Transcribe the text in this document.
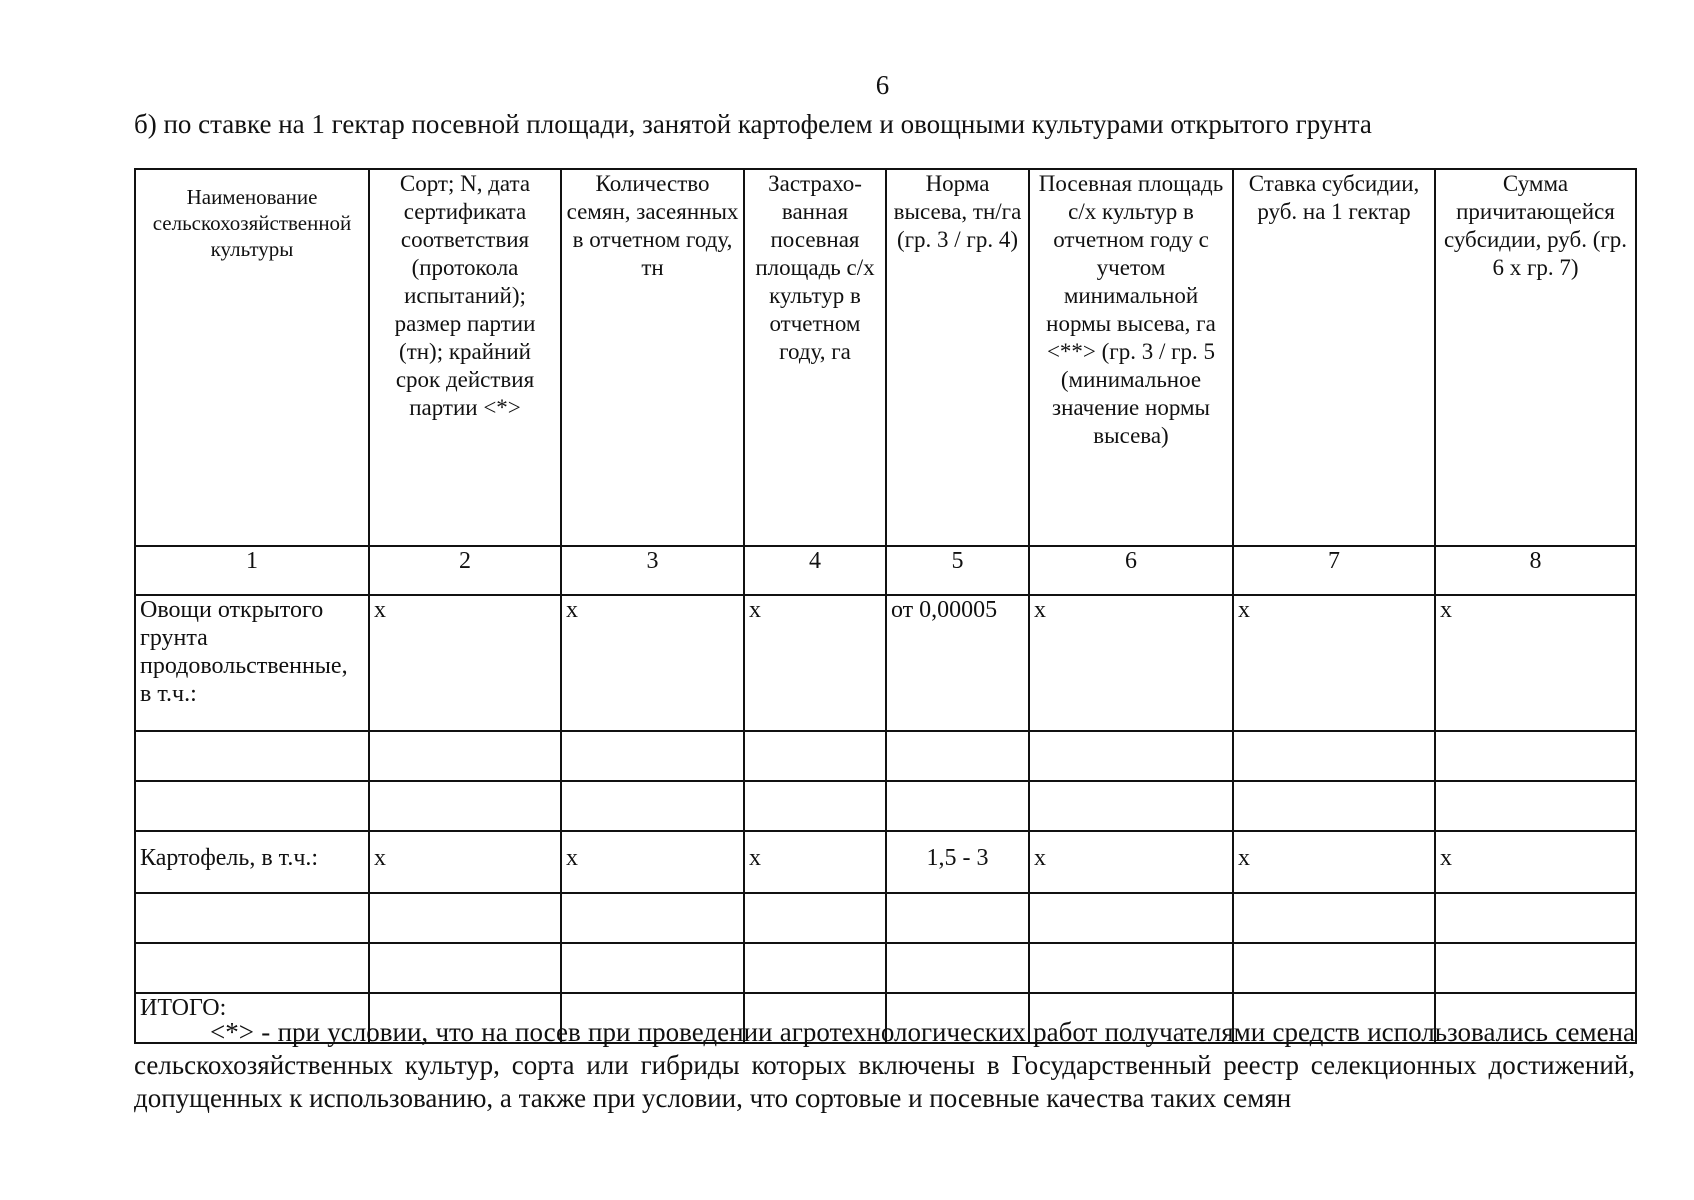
6
б) по ставке на 1 гектар посевной площади, занятой картофелем и овощными культурами открытого грунта
Наименование сельскохозяйственной культуры	Сорт; N, дата сертификата соответствия (протокола испытаний); размер партии (тн); крайний срок действия партии <*>	Количество семян, засеянных в отчетном году, тн	Застрахо-ванная посевная площадь с/х культур в отчетном году, га	Норма высева, тн/га (гр. 3 / гр. 4)	Посевная площадь с/х культур в отчетном году с учетом минимальной нормы высева, га <**> (гр. 3 / гр. 5 (минимальное значение нормы высева)	Ставка субсидии, руб. на 1 гектар	Сумма причитающейся субсидии, руб. (гр. 6 x гр. 7)
1	2	3	4	5	6	7	8
Овощи открытого грунта продовольственные, в т.ч.:	x	x	x	от 0,00005	x	x	x

Картофель, в т.ч.:	x	x	x	1,5 - 3	x	x	x

ИТОГО:							
<*> - при условии, что на посев при проведении агротехнологических работ получателями средств использовались семена сельскохозяйственных культур, сорта или гибриды которых включены в Государственный реестр селекционных достижений, допущенных к использованию, а также при условии, что сортовые и посевные качества таких семян
